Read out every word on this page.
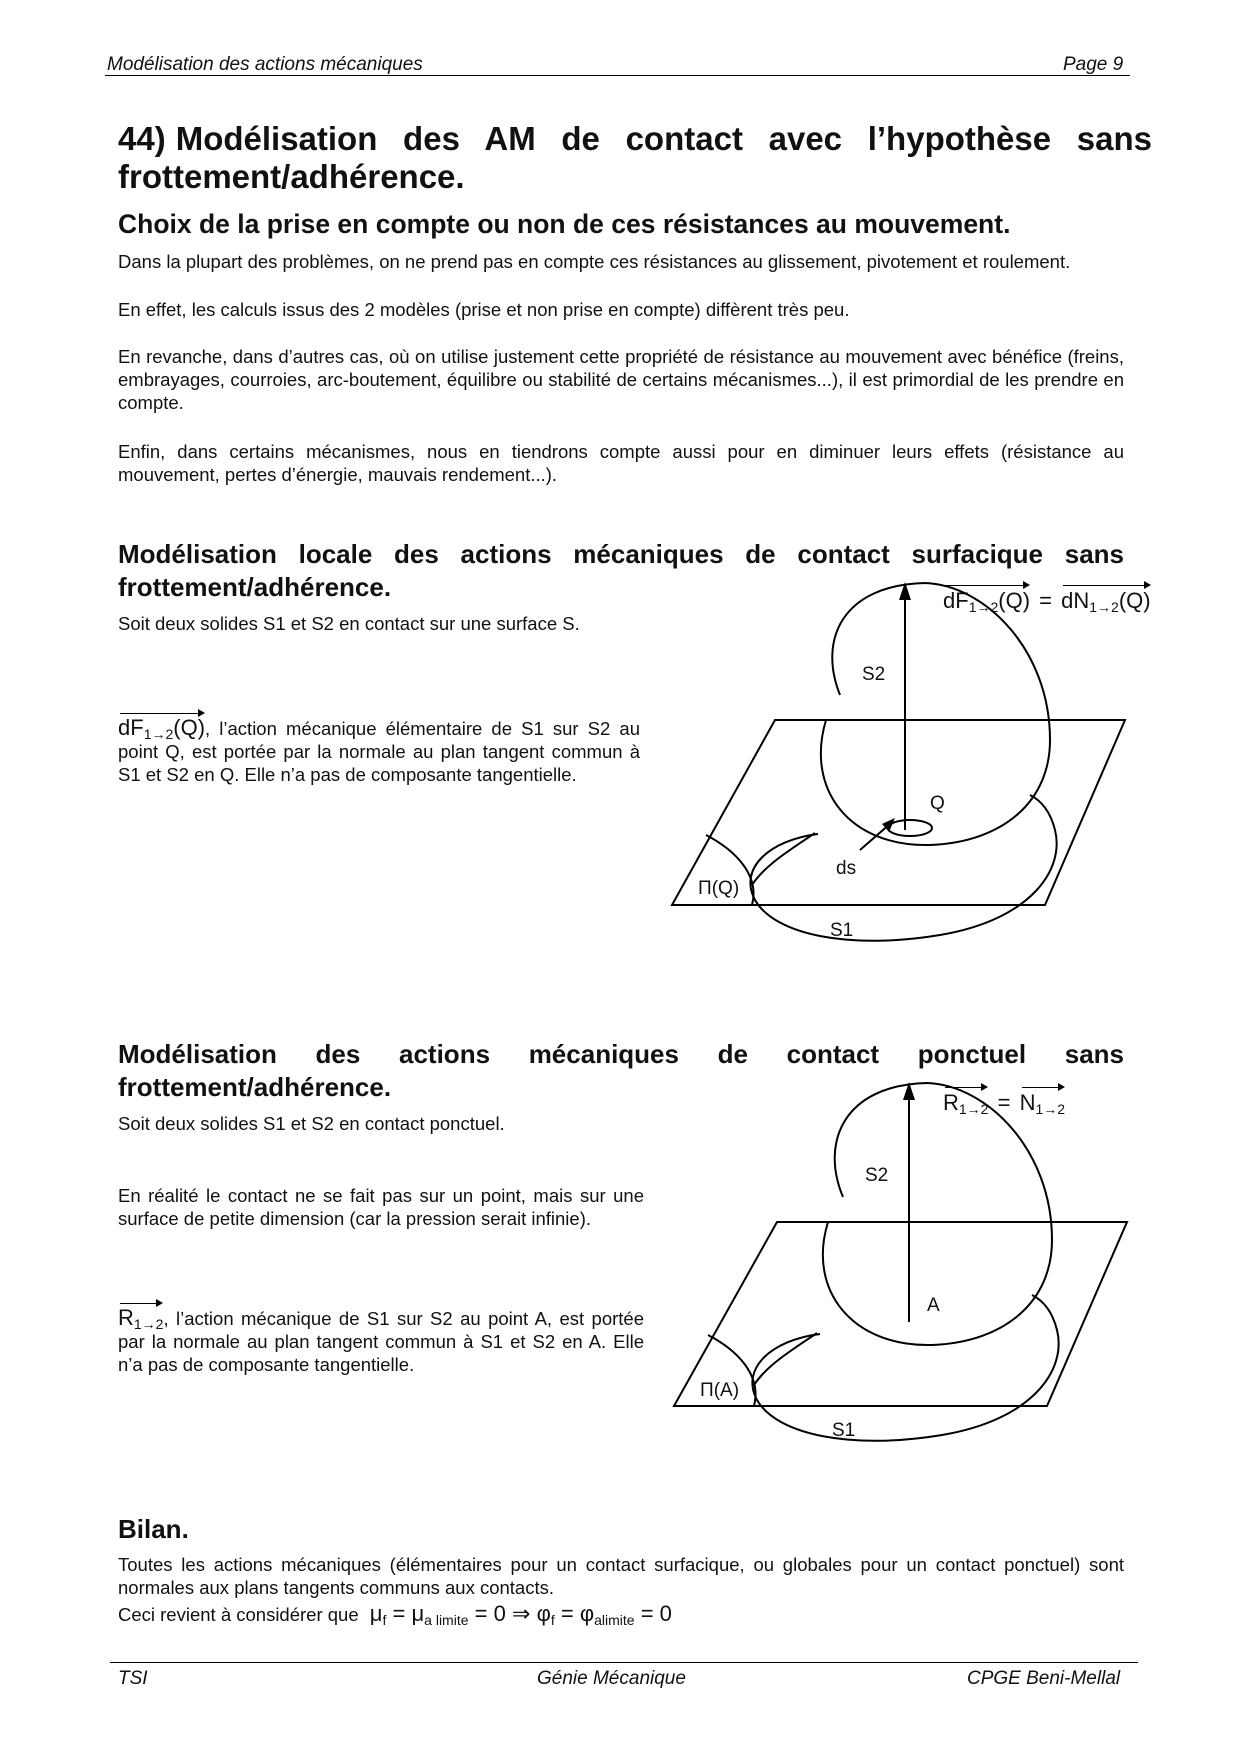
Modélisation des actions mécaniques	Page 9
44) Modélisation des AM de contact avec l’hypothèse sans
frottement/adhérence.
Choix de la prise en compte ou non de ces résistances au mouvement.
Dans la plupart des problèmes, on ne prend pas en compte ces résistances au glissement, pivotement et roulement.
En effet, les calculs issus des 2 modèles (prise et non prise en compte) diffèrent très peu.
En revanche, dans d’autres cas, où on utilise justement cette propriété de résistance au mouvement avec bénéfice (freins, embrayages, courroies, arc-boutement, équilibre ou stabilité de certains mécanismes...), il est primordial de les prendre en compte.
Enfin, dans certains mécanismes, nous en tiendrons compte aussi pour en diminuer leurs effets (résistance au mouvement, pertes d’énergie, mauvais rendement...).
Modélisation locale des actions mécaniques de contact surfacique sans
frottement/adhérence.
Soit deux solides S1 et S2 en contact sur une surface S.
$dF_{1\to 2}(Q)$, l’action mécanique élémentaire de S1 sur S2 au point Q, est portée par la normale au plan tangent commun à S1 et S2 en Q. Elle n’a pas de composante tangentielle.
$dF_{1\to 2}(Q) = dN_{1\to 2}(Q)$
S2
Q
ds
Π(Q)
S1
Modélisation des actions mécaniques de contact ponctuel sans
frottement/adhérence.
Soit deux solides S1 et S2 en contact ponctuel.
En réalité le contact ne se fait pas sur un point, mais sur une surface de petite dimension (car la pression serait infinie).
$R_{1\to 2}$, l’action mécanique de S1 sur S2 au point A, est portée par la normale au plan tangent commun à S1 et S2 en A. Elle n’a pas de composante tangentielle.
$R_{1\to 2} = N_{1\to 2}$
S2
A
Π(A)
S1
Bilan.
Toutes les actions mécaniques (élémentaires pour un contact surfacique, ou globales pour un contact ponctuel) sont normales aux plans tangents communs aux contacts.
Ceci revient à considérer que $\mu_f = \mu_{a limite} = 0$ ⇒ $\varphi_f = \varphi_{alimite} = 0$
TSI	Génie Mécanique	CPGE Beni-Mellal
